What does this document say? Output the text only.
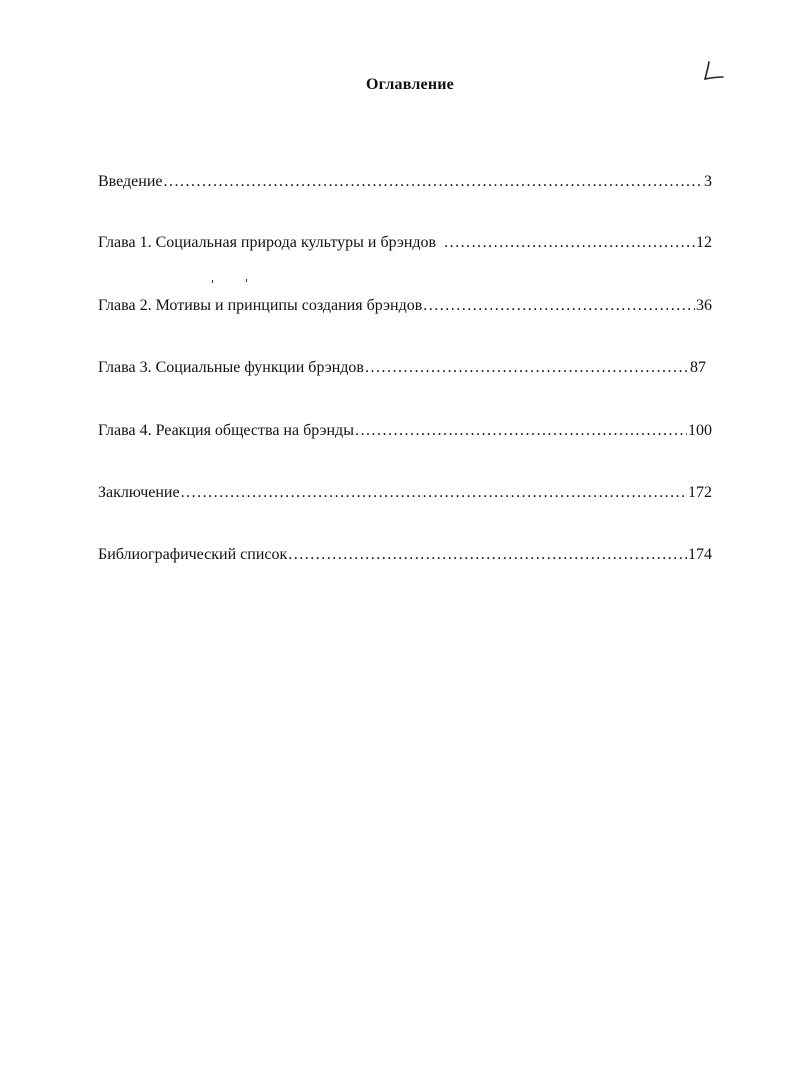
Оглавление
Введение .....	3
Глава 1. Социальная природа культуры и брэндов .....	12
Глава 2. Мотивы и принципы создания брэндов .....	36
Глава 3. Социальные функции брэндов .....	87
Глава 4. Реакция общества на брэнды .....	100
Заключение .....	172
Библиографический список .....	174
